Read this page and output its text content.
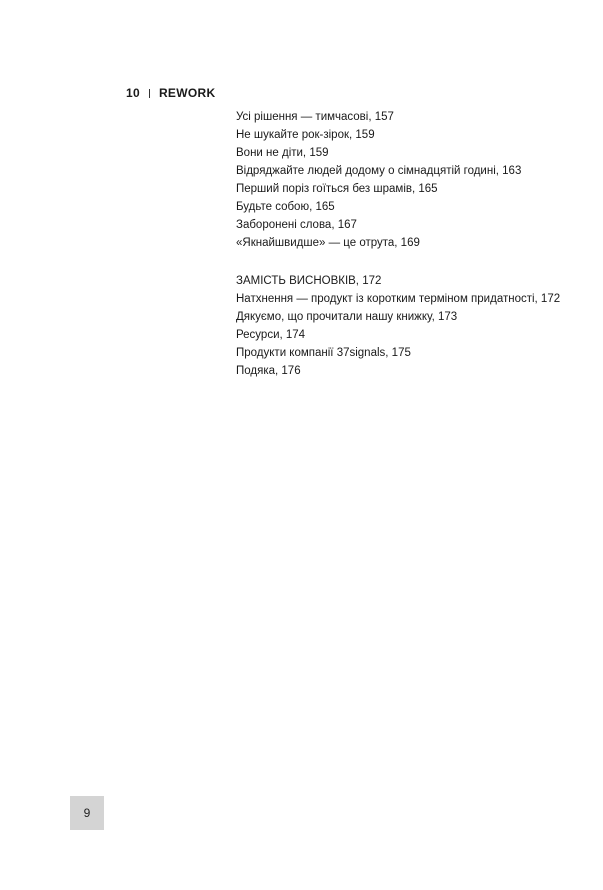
10 RE WORK
Усі рішення — тимчасові, 157
Не шукайте рок-зірок, 159
Вони не діти, 159
Відряджайте людей додому о сімнадцятій годині, 163
Перший поріз гоїться без шрамів, 165
Будьте собою, 165
Заборонені слова, 167
«Якнайшвидше» — це отрута, 169
ЗАМІСТЬ ВИСНОВКІВ, 172
Натхнення — продукт із коротким терміном придатності, 172
Дякуємо, що прочитали нашу книжку, 173
Ресурси, 174
Продукти компанії 37signals, 175
Подяка, 176
9
